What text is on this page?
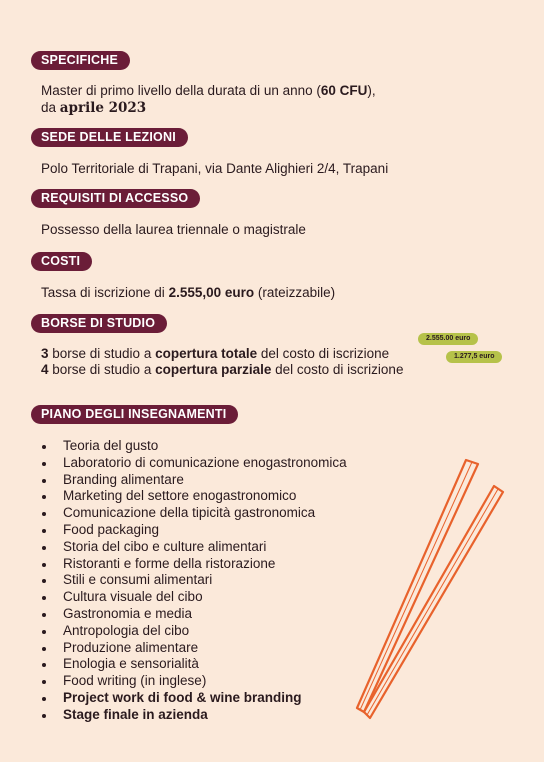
SPECIFICHE
Master di primo livello della durata di un anno (60 CFU),
da aprile 2023
SEDE DELLE LEZIONI
Polo Territoriale di Trapani, via Dante Alighieri 2/4, Trapani
REQUISITI DI ACCESSO
Possesso della laurea triennale o magistrale
COSTI
Tassa di iscrizione di 2.555,00 euro (rateizzabile)
BORSE DI STUDIO
2.555.00 euro
1.277,5 euro
3 borse di studio a copertura totale del costo di iscrizione
4 borse di studio a copertura parziale del costo di iscrizione
PIANO DEGLI INSEGNAMENTI
Teoria del gusto
Laboratorio di comunicazione enogastronomica
Branding alimentare
Marketing del settore enogastronomico
Comunicazione della tipicità gastronomica
Food packaging
Storia del cibo e culture alimentari
Ristoranti e forme della ristorazione
Stili e consumi alimentari
Cultura visuale del cibo
Gastronomia e media
Antropologia del cibo
Produzione alimentare
Enologia e sensorialità
Food writing (in inglese)
Project work di food & wine branding
Stage finale in azienda
